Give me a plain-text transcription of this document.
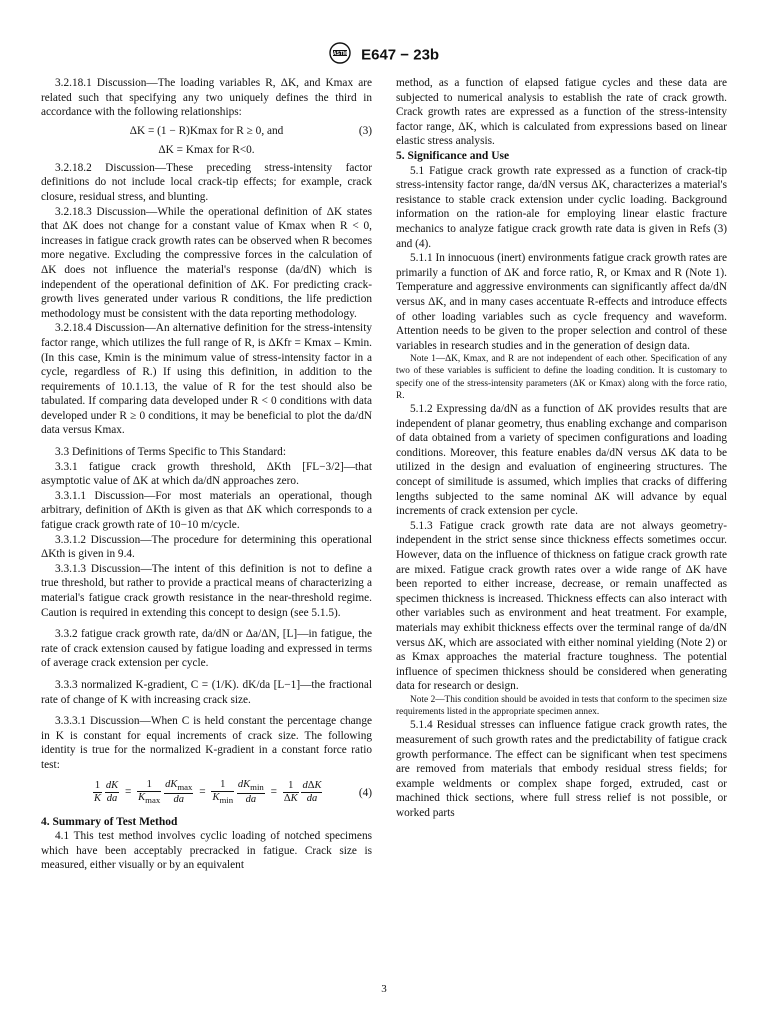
ASTM E647 − 23b

3.2.18.1 Discussion—The loading variables R, ΔK, and Kmax are related such that specifying any two uniquely defines the third in accordance with the following relationships:

ΔK = (1 − R)Kmax for R ≥ 0, and	(3)
ΔK = Kmax for R<0.

3.2.18.2 Discussion—These preceding stress-intensity factor definitions do not include local crack-tip effects; for example, crack closure, residual stress, and blunting.

3.2.18.3 Discussion—While the operational definition of ΔK states that ΔK does not change for a constant value of Kmax when R < 0, increases in fatigue crack growth rates can be observed when R becomes more negative. Excluding the compressive forces in the calculation of ΔK does not influence the material's response (da/dN) which is independent of the operational definition of ΔK. For predicting crack-growth lives generated under various R conditions, the life prediction methodology must be consistent with the data reporting methodology.

3.2.18.4 Discussion—An alternative definition for the stress-intensity factor range, which utilizes the full range of R, is ΔKfr = Kmax – Kmin. (In this case, Kmin is the minimum value of stress-intensity factor in a cycle, regardless of R.) If using this definition, in addition to the requirements of 10.1.13, the value of R for the test should also be tabulated. If comparing data developed under R < 0 conditions with data developed under R ≥ 0 conditions, it may be beneficial to plot the da/dN data versus Kmax.

3.3 Definitions of Terms Specific to This Standard:

3.3.1 fatigue crack growth threshold, ΔKth [FL−3/2]—that asymptotic value of ΔK at which da/dN approaches zero.

3.3.1.1 Discussion—For most materials an operational, though arbitrary, definition of ΔKth is given as that ΔK which corresponds to a fatigue crack growth rate of 10−10 m/cycle.

3.3.1.2 Discussion—The procedure for determining this operational ΔKth is given in 9.4.

3.3.1.3 Discussion—The intent of this definition is not to define a true threshold, but rather to provide a practical means of characterizing a material's fatigue crack growth resistance in the near-threshold regime. Caution is required in extending this concept to design (see 5.1.5).

3.3.2 fatigue crack growth rate, da/dN or Δa/ΔN, [L]—in fatigue, the rate of crack extension caused by fatigue loading and expressed in terms of average crack extension per cycle.

3.3.3 normalized K-gradient, C = (1/K). dK/da [L−1]—the fractional rate of change of K with increasing crack size.

3.3.3.1 Discussion—When C is held constant the percentage change in K is constant for equal increments of crack size. The following identity is true for the normalized K-gradient in a constant force ratio test:

$\frac{1}{K}$
$\frac{dK}{da} = \frac{1}{K_{max}}$
$\frac{dK_{max}}{da} = \frac{1}{K_{min}}$
$\frac{dK_{min}}{da} = \frac{1}{\Delta K}$
$\frac{\text{dΔK}}{da}$	(4)

4. Summary of Test Method

4.1 This test method involves cyclic loading of notched specimens which have been acceptably precracked in fatigue. Crack size is measured, either visually or by an equivalent

method, as a function of elapsed fatigue cycles and these data are subjected to numerical analysis to establish the rate of crack growth. Crack growth rates are expressed as a function of the stress-intensity factor range, ΔK, which is calculated from expressions based on linear elastic stress analysis.

5. Significance and Use

5.1 Fatigue crack growth rate expressed as a function of crack-tip stress-intensity factor range, da/dN versus ΔK, characterizes a material's resistance to stable crack extension under cyclic loading. Background information on the ration-ale for employing linear elastic fracture mechanics to analyze fatigue crack growth rate data is given in Refs (3) and (4).

5.1.1 In innocuous (inert) environments fatigue crack growth rates are primarily a function of ΔK and force ratio, R, or Kmax and R (Note 1). Temperature and aggressive environments can significantly affect da/dN versus ΔK, and in many cases accentuate R-effects and introduce effects of other loading variables such as cycle frequency and waveform. Attention needs to be given to the proper selection and control of these variables in research studies and in the generation of design data.

Note 1—ΔK, Kmax, and R are not independent of each other. Specification of any two of these variables is sufficient to define the loading condition. It is customary to specify one of the stress-intensity parameters (ΔK or Kmax) along with the force ratio, R.

5.1.2 Expressing da/dN as a function of ΔK provides results that are independent of planar geometry, thus enabling exchange and comparison of data obtained from a variety of specimen configurations and loading conditions. Moreover, this feature enables da/dN versus ΔK data to be utilized in the design and evaluation of engineering structures. The concept of similitude is assumed, which implies that cracks of differing lengths subjected to the same nominal ΔK will advance by equal increments of crack extension per cycle.

5.1.3 Fatigue crack growth rate data are not always geometry-independent in the strict sense since thickness effects sometimes occur. However, data on the influence of thickness on fatigue crack growth rate are mixed. Fatigue crack growth rates over a wide range of ΔK have been reported to either increase, decrease, or remain unaffected as specimen thickness is increased. Thickness effects can also interact with other variables such as environment and heat treatment. For example, materials may exhibit thickness effects over the terminal range of da/dN versus ΔK, which are associated with either nominal yielding (Note 2) or as Kmax approaches the material fracture toughness. The potential influence of specimen thickness should be considered when generating data for research or design.

Note 2—This condition should be avoided in tests that conform to the specimen size requirements listed in the appropriate specimen annex.

5.1.4 Residual stresses can influence fatigue crack growth rates, the measurement of such growth rates and the predictability of fatigue crack growth performance. The effect can be significant when test specimens are removed from materials that embody residual stress fields; for example weldments or complex shape forged, extruded, cast or machined thick sections, where full stress relief is not possible, or worked parts

3
